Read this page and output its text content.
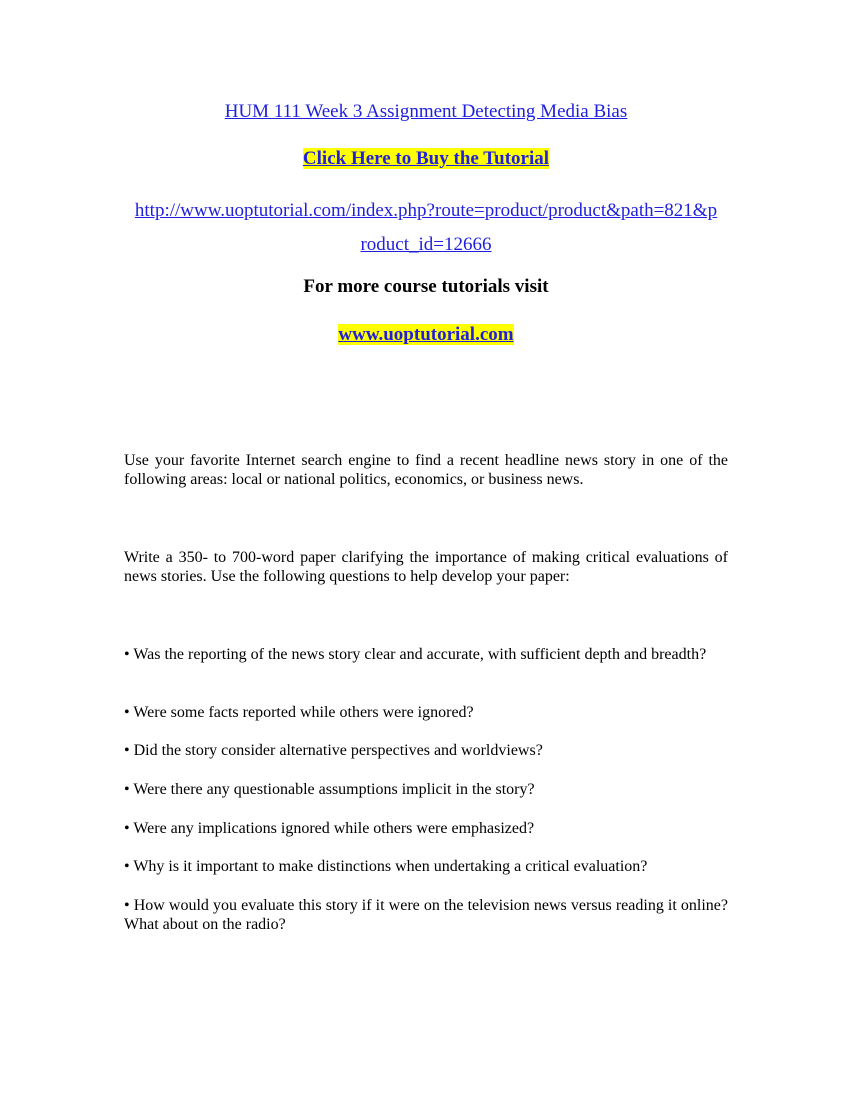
HUM 111 Week 3 Assignment Detecting Media Bias
Click Here to Buy the Tutorial
http://www.uoptutorial.com/index.php?route=product/product&path=821&p
roduct_id=12666
For more course tutorials visit
www.uoptutorial.com

Use your favorite Internet search engine to find a recent headline news story in one of the following areas: local or national politics, economics, or business news.

Write a 350- to 700-word paper clarifying the importance of making critical evaluations of news stories. Use the following questions to help develop your paper:

• Was the reporting of the news story clear and accurate, with sufficient depth and breadth?

• Were some facts reported while others were ignored?

• Did the story consider alternative perspectives and worldviews?

• Were there any questionable assumptions implicit in the story?

• Were any implications ignored while others were emphasized?

• Why is it important to make distinctions when undertaking a critical evaluation?

• How would you evaluate this story if it were on the television news versus reading it online? What about on the radio?
